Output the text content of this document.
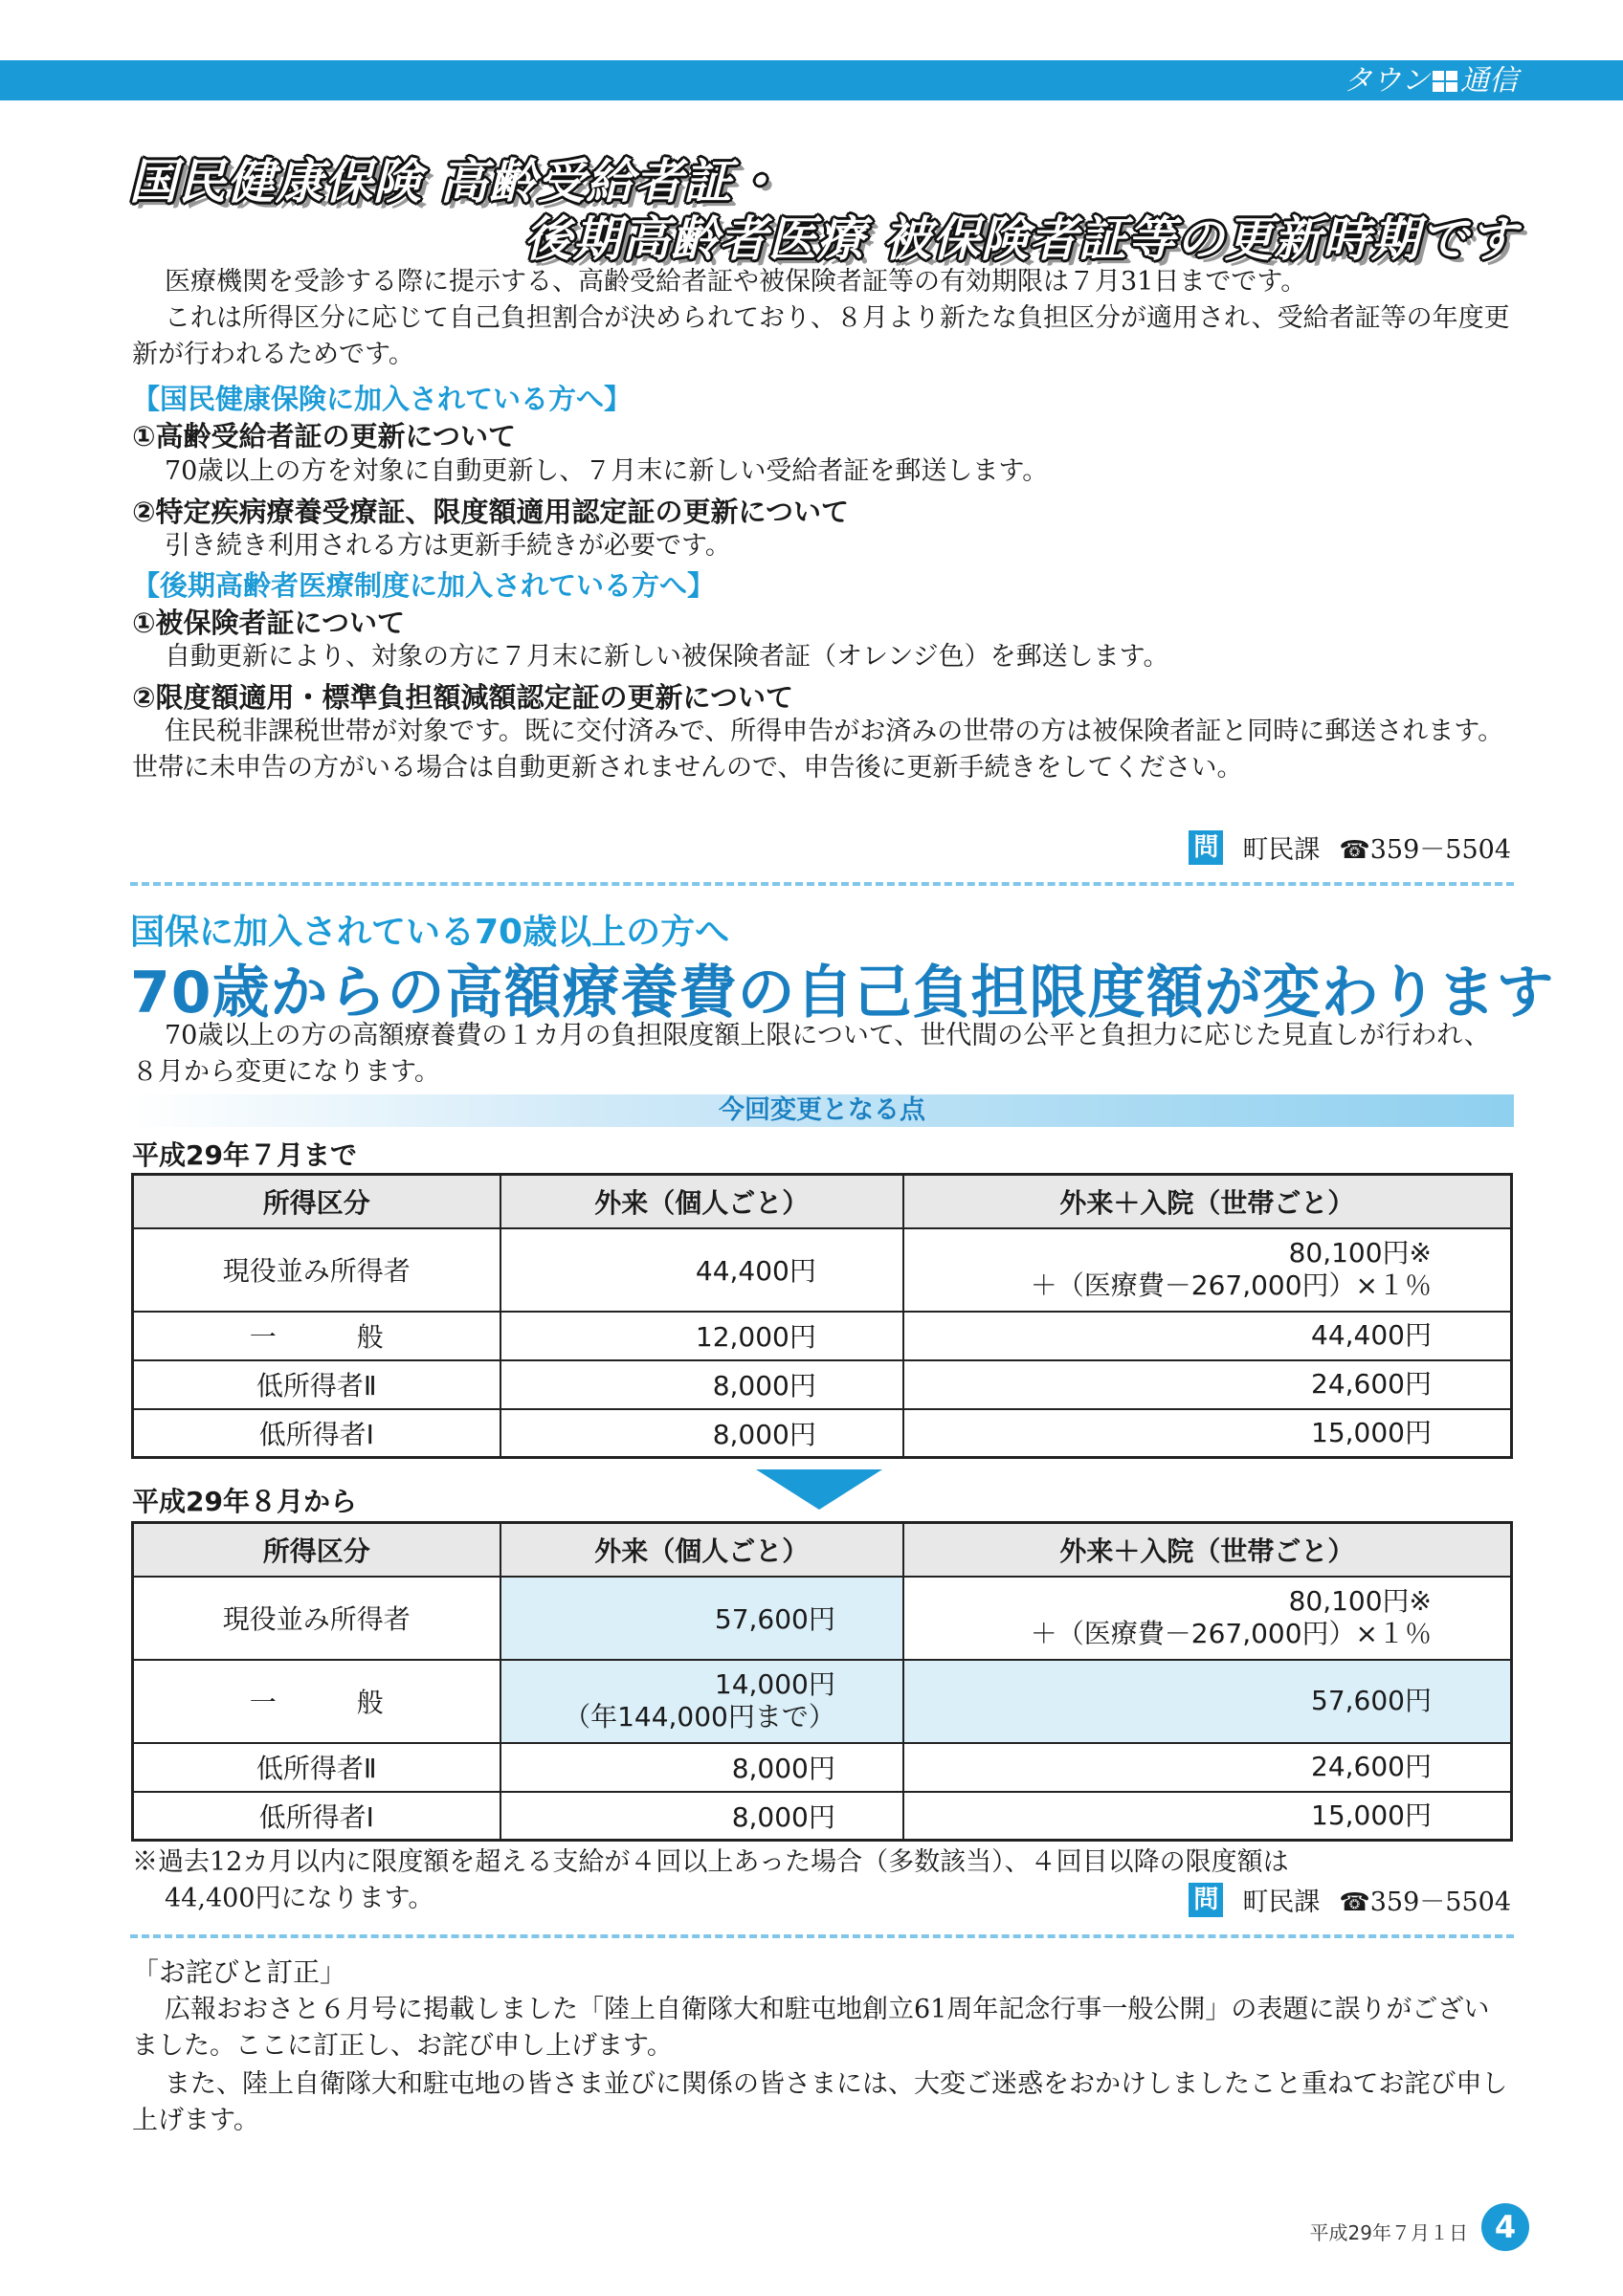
タウン 通信
国民健康保険 高齢受給者証・
後期高齢者医療 被保険者証等の更新時期です
医療機関を受診する際に提示する、高齢受給者証や被保険者証等の有効期限は７月31日までです。
これは所得区分に応じて自己負担割合が決められており、８月より新たな負担区分が適用され、受給者証等の年度更新が行われるためです。
【国民健康保険に加入されている方へ】
①高齢受給者証の更新について
70歳以上の方を対象に自動更新し、７月末に新しい受給者証を郵送します。
②特定疾病療養受療証、限度額適用認定証の更新について
引き続き利用される方は更新手続きが必要です。
【後期高齢者医療制度に加入されている方へ】
①被保険者証について
自動更新により、対象の方に７月末に新しい被保険者証（オレンジ色）を郵送します。
②限度額適用・標準負担額減額認定証の更新について
住民税非課税世帯が対象です。既に交付済みで、所得申告がお済みの世帯の方は被保険者証と同時に郵送されます。世帯に未申告の方がいる場合は自動更新されませんので、申告後に更新手続きをしてください。
問 町民課 ☎359－5504
国保に加入されている70歳以上の方へ
70歳からの高額療養費の自己負担限度額が変わります
70歳以上の方の高額療養費の１カ月の負担限度額上限について、世代間の公平と負担力に応じた見直しが行われ、８月から変更になります。
今回変更となる点
平成29年７月まで
所得区分	外来（個人ごと）	外来＋入院（世帯ごと）
現役並み所得者	44,400円	80,100円※
＋（医療費－267,000円）×１％

一　　　般	12,000円	44,400円
低所得者Ⅱ	8,000円	24,600円
低所得者Ⅰ	8,000円	15,000円
平成29年８月から
所得区分	外来（個人ごと）	外来＋入院（世帯ごと）
現役並み所得者	57,600円	80,100円※
＋（医療費－267,000円）×１％

一　　　般	14,000円
（年144,000円まで）	57,600円
低所得者Ⅱ	8,000円	24,600円
低所得者Ⅰ	8,000円	15,000円
※過去12カ月以内に限度額を超える支給が４回以上あった場合（多数該当）、４回目以降の限度額は
44,400円になります。	問 町民課 ☎359－5504
「お詫びと訂正」
広報おおさと６月号に掲載しました「陸上自衛隊大和駐屯地創立61周年記念行事一般公開」の表題に誤りがございました。ここに訂正し、お詫び申し上げます。
また、陸上自衛隊大和駐屯地の皆さま並びに関係の皆さまには、大変ご迷惑をおかけしましたこと重ねてお詫び申し上げます。
平成29年７月１日 4
